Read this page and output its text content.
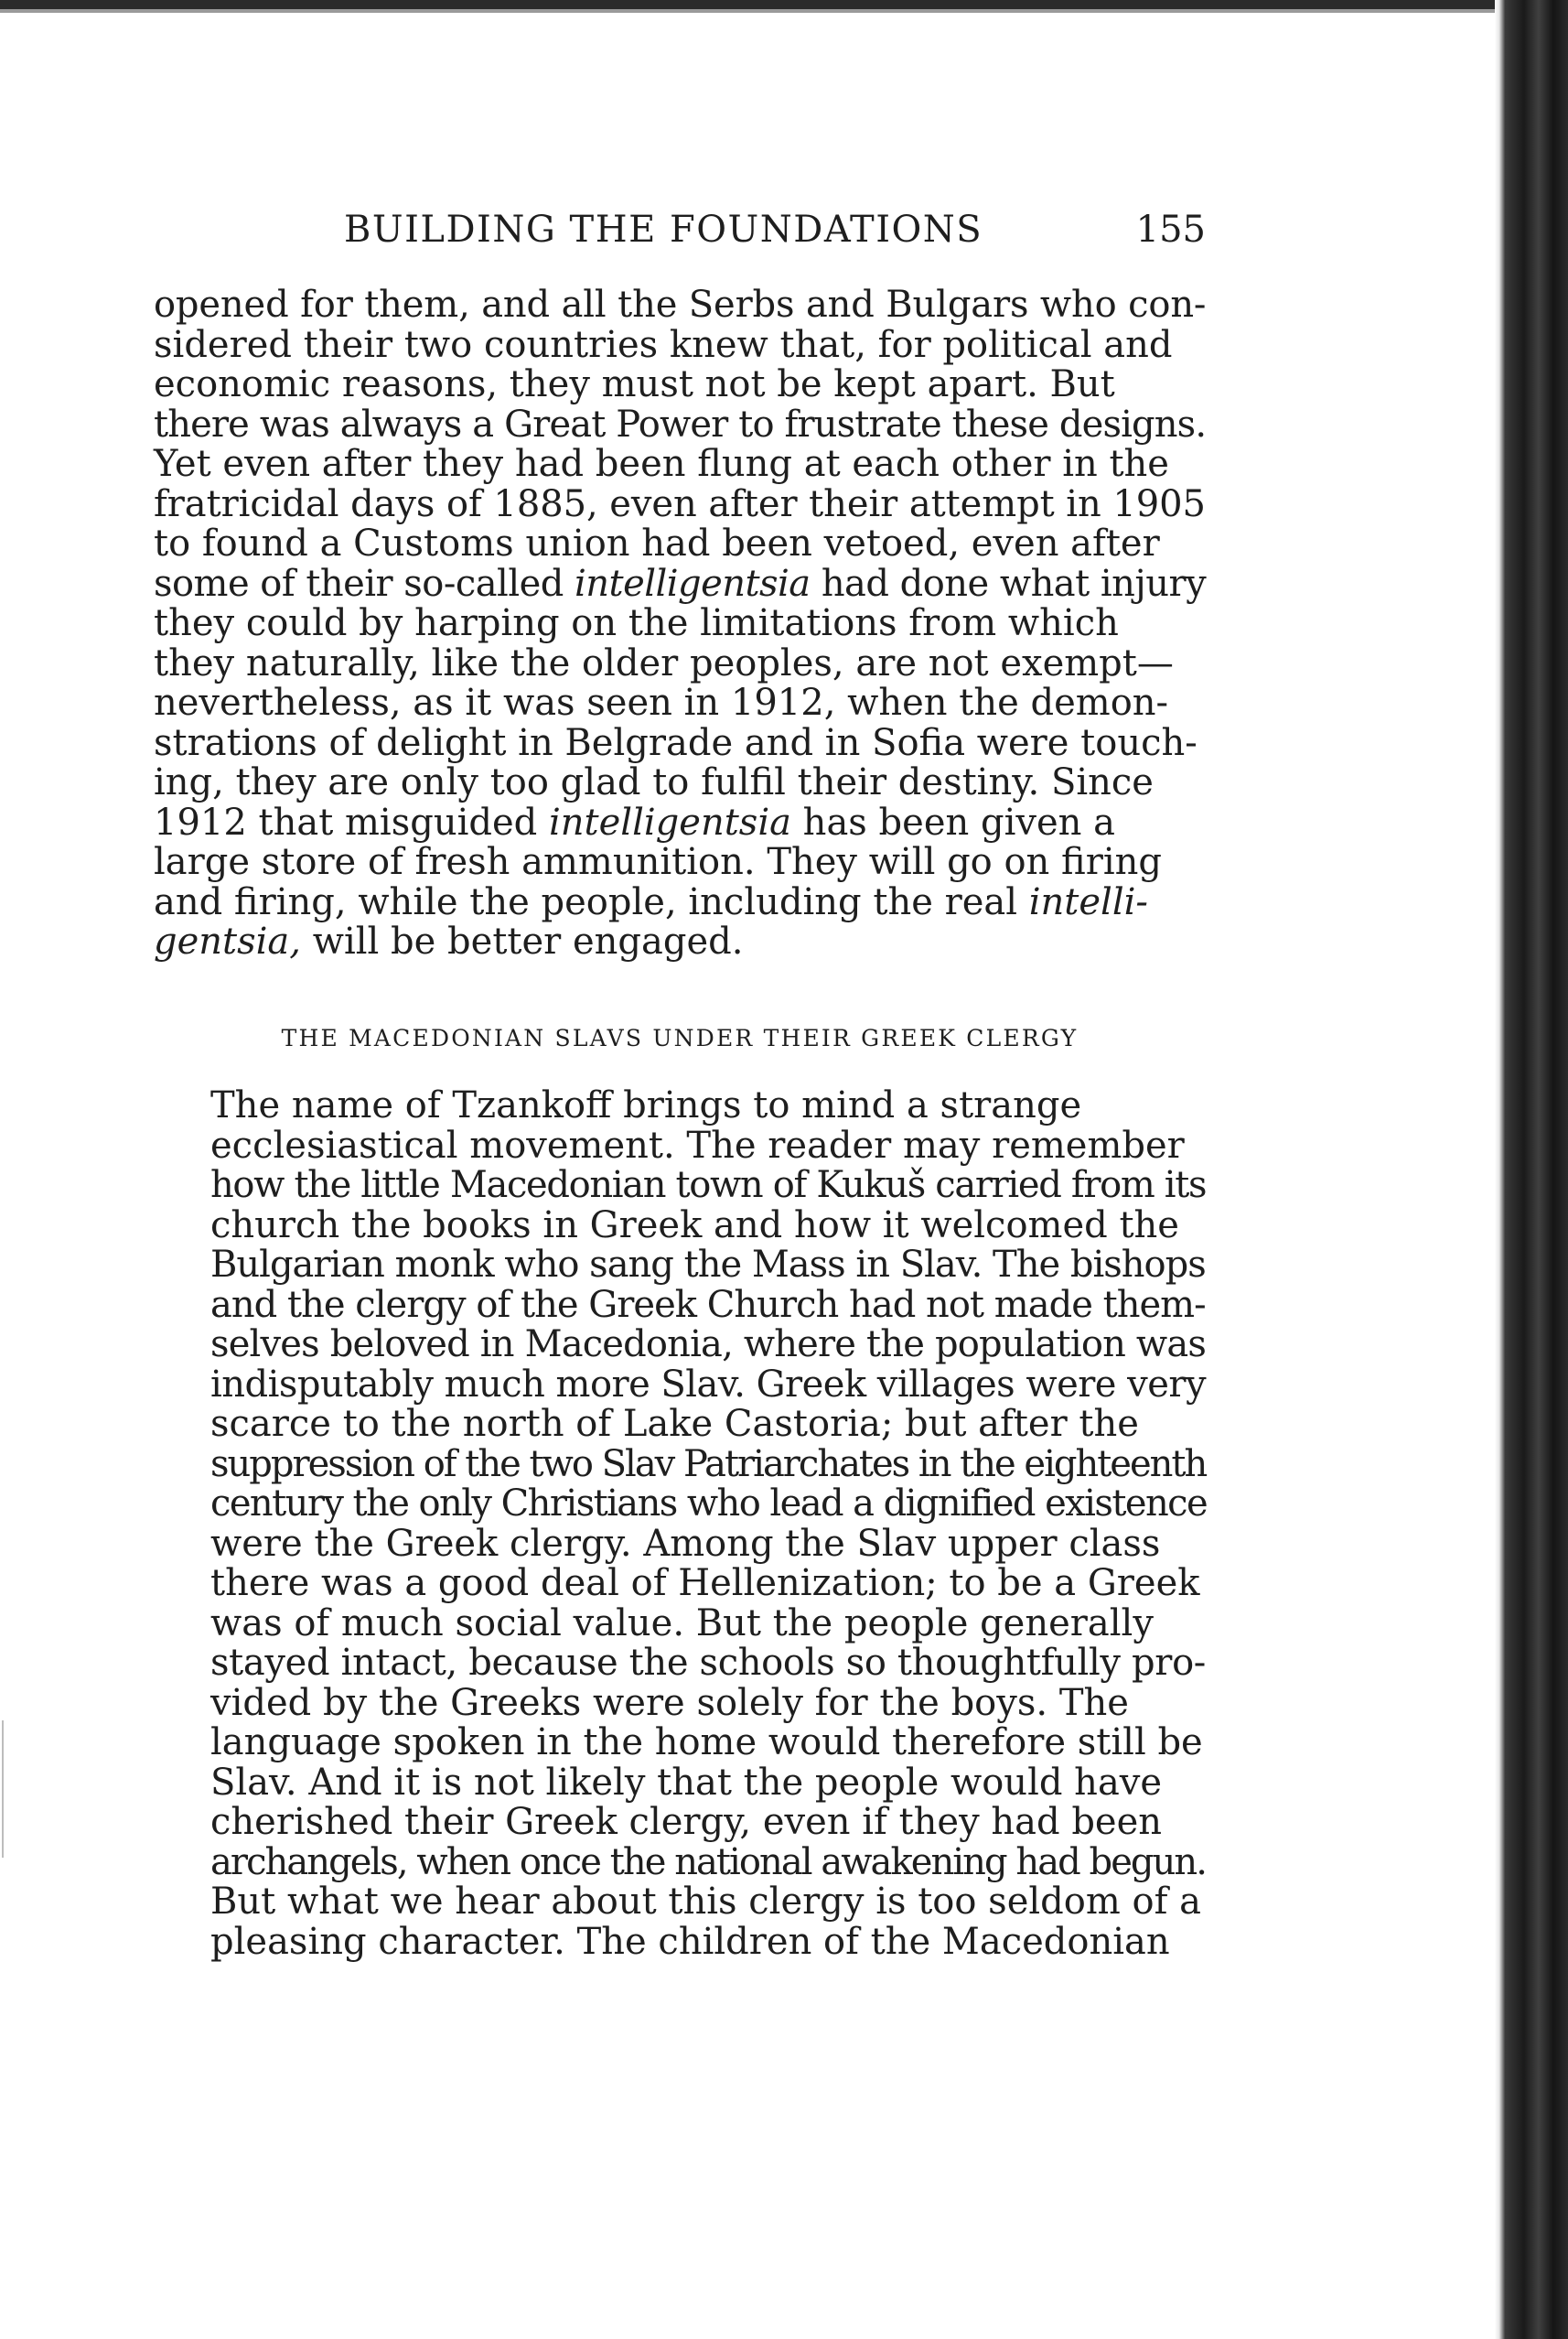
BUILDING THE FOUNDATIONS	155
opened for them, and all the Serbs and Bulgars who con-
sidered their two countries knew that, for political and
economic reasons, they must not be kept apart. But
there was always a Great Power to frustrate these designs.
Yet even after they had been flung at each other in the
fratricidal days of 1885, even after their attempt in 1905
to found a Customs union had been vetoed, even after
some of their so-called intelligentsia had done what injury
they could by harping on the limitations from which
they naturally, like the older peoples, are not exempt—
nevertheless, as it was seen in 1912, when the demon-
strations of delight in Belgrade and in Sofia were touch-
ing, they are only too glad to fulfil their destiny. Since
1912 that misguided intelligentsia has been given a
large store of fresh ammunition. They will go on firing
and firing, while the people, including the real intelli-
gentsia, will be better engaged.
THE MACEDONIAN SLAVS UNDER THEIR GREEK CLERGY
The name of Tzankoff brings to mind a strange
ecclesiastical movement. The reader may remember
how the little Macedonian town of Kukuš carried from its
church the books in Greek and how it welcomed the
Bulgarian monk who sang the Mass in Slav. The bishops
and the clergy of the Greek Church had not made them-
selves beloved in Macedonia, where the population was
indisputably much more Slav. Greek villages were very
scarce to the north of Lake Castoria; but after the
suppression of the two Slav Patriarchates in the eighteenth
century the only Christians who lead a dignified existence
were the Greek clergy. Among the Slav upper class
there was a good deal of Hellenization; to be a Greek
was of much social value. But the people generally
stayed intact, because the schools so thoughtfully pro-
vided by the Greeks were solely for the boys. The
language spoken in the home would therefore still be
Slav. And it is not likely that the people would have
cherished their Greek clergy, even if they had been
archangels, when once the national awakening had begun.
But what we hear about this clergy is too seldom of a
pleasing character. The children of the Macedonian
